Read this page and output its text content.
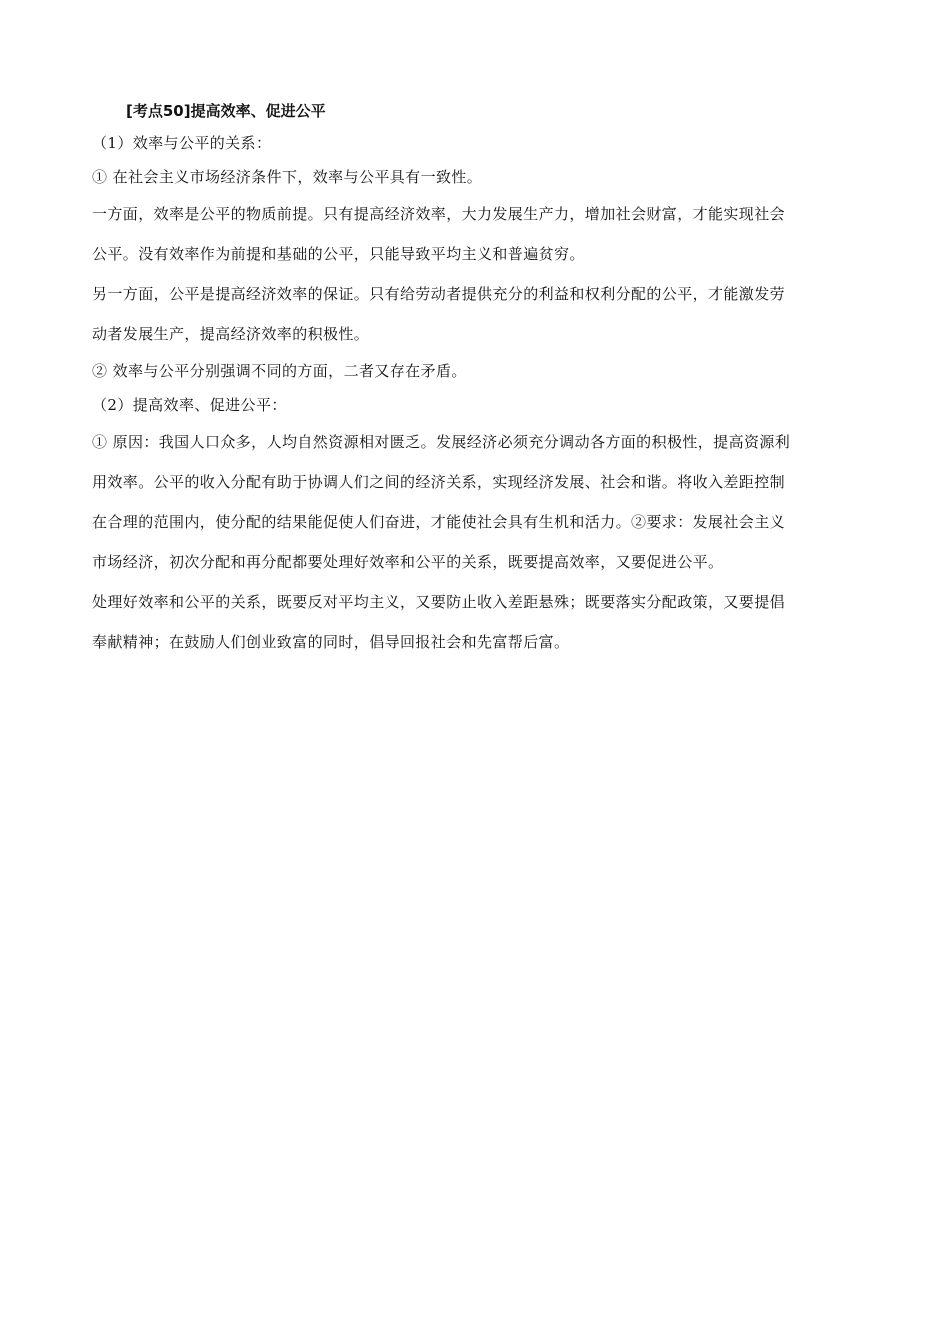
[考点50]提高效率、促进公平

（1）效率与公平的关系：

① 在社会主义市场经济条件下，效率与公平具有一致性。

一方面，效率是公平的物质前提。只有提高经济效率，大力发展生产力，增加社会财富，才能实现社会

公平。没有效率作为前提和基础的公平，只能导致平均主义和普遍贫穷。

另一方面，公平是提高经济效率的保证。只有给劳动者提供充分的利益和权利分配的公平，才能激发劳

动者发展生产，提高经济效率的积极性。

② 效率与公平分别强调不同的方面，二者又存在矛盾。

（2）提高效率、促进公平：

① 原因：我国人口众多，人均自然资源相对匮乏。发展经济必须充分调动各方面的积极性，提高资源利

用效率。公平的收入分配有助于协调人们之间的经济关系，实现经济发展、社会和谐。将收入差距控制

在合理的范围内，使分配的结果能促使人们奋进，才能使社会具有生机和活力。②要求：发展社会主义

市场经济，初次分配和再分配都要处理好效率和公平的关系，既要提高效率，又要促进公平。

处理好效率和公平的关系，既要反对平均主义，又要防止收入差距悬殊；既要落实分配政策，又要提倡

奉献精神；在鼓励人们创业致富的同时，倡导回报社会和先富帮后富。
